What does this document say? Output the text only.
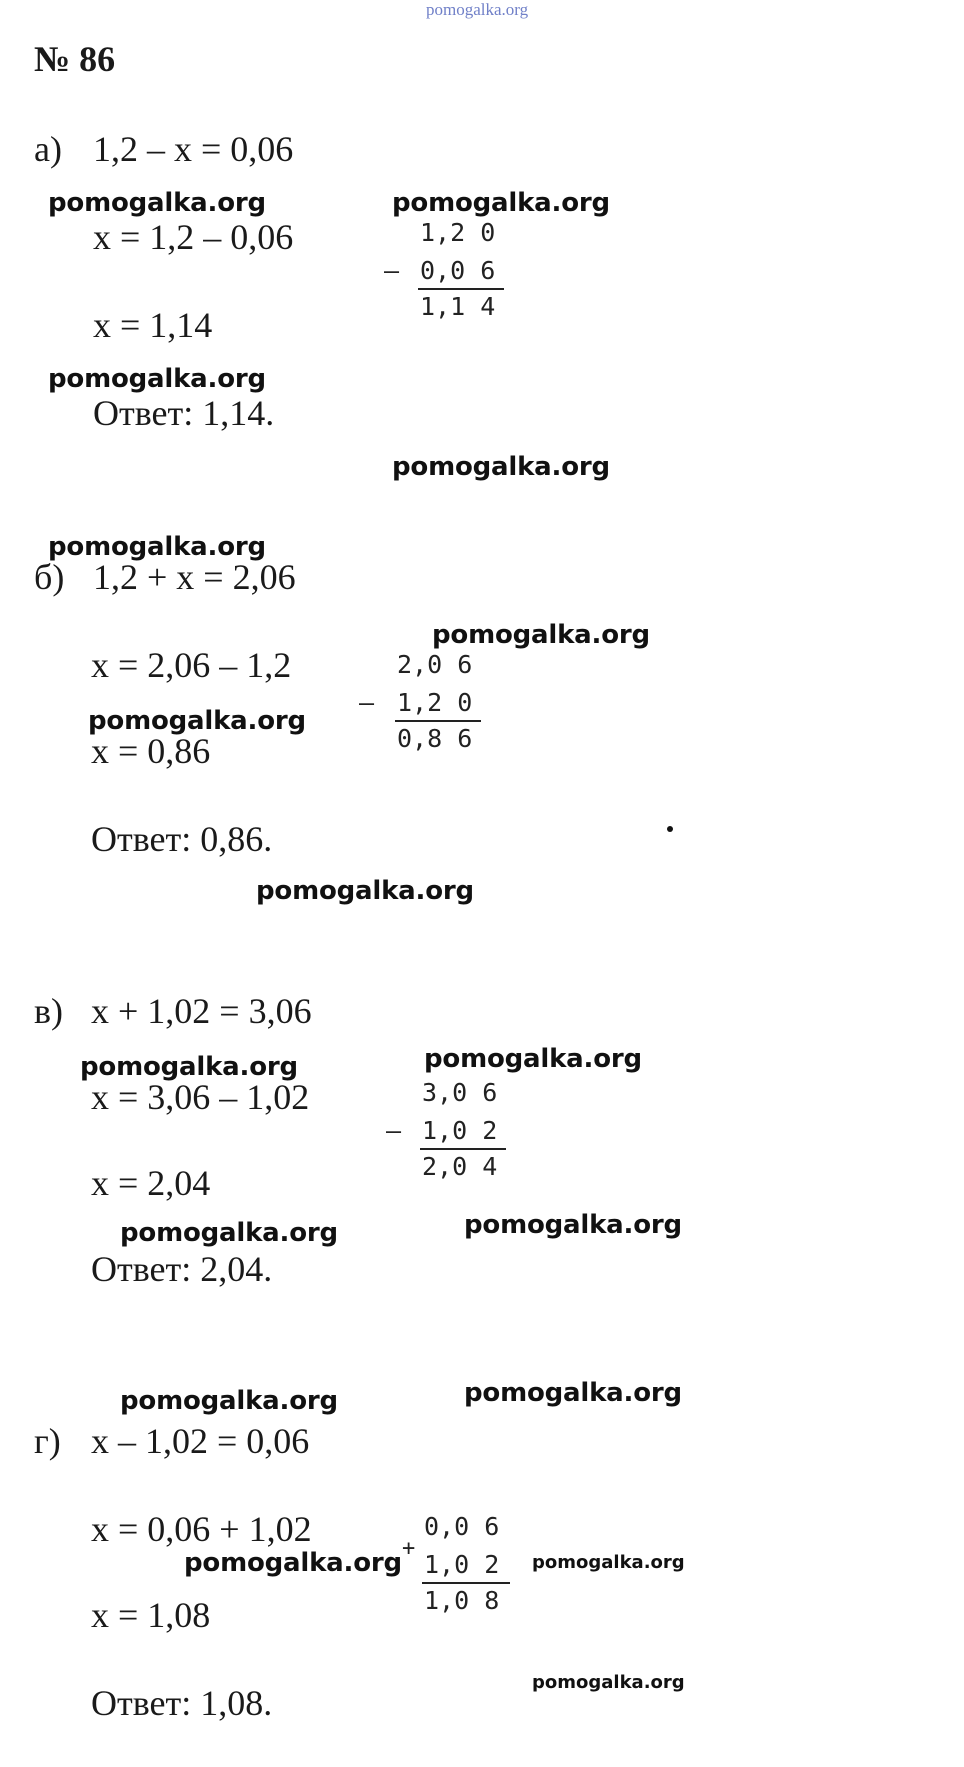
pomogalka.org
№ 86
а) 1,2 – x = 0,06
pomogalka.org	pomogalka.org
x = 1,2 – 0,06
x = 1,14
1,2 0
– 0,0 6
1,1 4
pomogalka.org
Ответ: 1,14.
pomogalka.org
pomogalka.org
б) 1,2 + x = 2,06
pomogalka.org
x = 2,06 – 1,2	2,0 6
– 1,2 0
0,8 6
pomogalka.org
x = 0,86
Ответ: 0,86.
pomogalka.org
в) x + 1,02 = 3,06
pomogalka.org	pomogalka.org
x = 3,06 – 1,02	3,0 6
– 1,0 2
2,0 4
x = 2,04
pomogalka.org	pomogalka.org
Ответ: 2,04.
pomogalka.org	pomogalka.org
г) x – 1,02 = 0,06
x = 0,06 + 1,02	0,0 6
+
1,0 2
1,0 8
pomogalka.org	pomogalka.org
x = 1,08
pomogalka.org
Ответ: 1,08.
